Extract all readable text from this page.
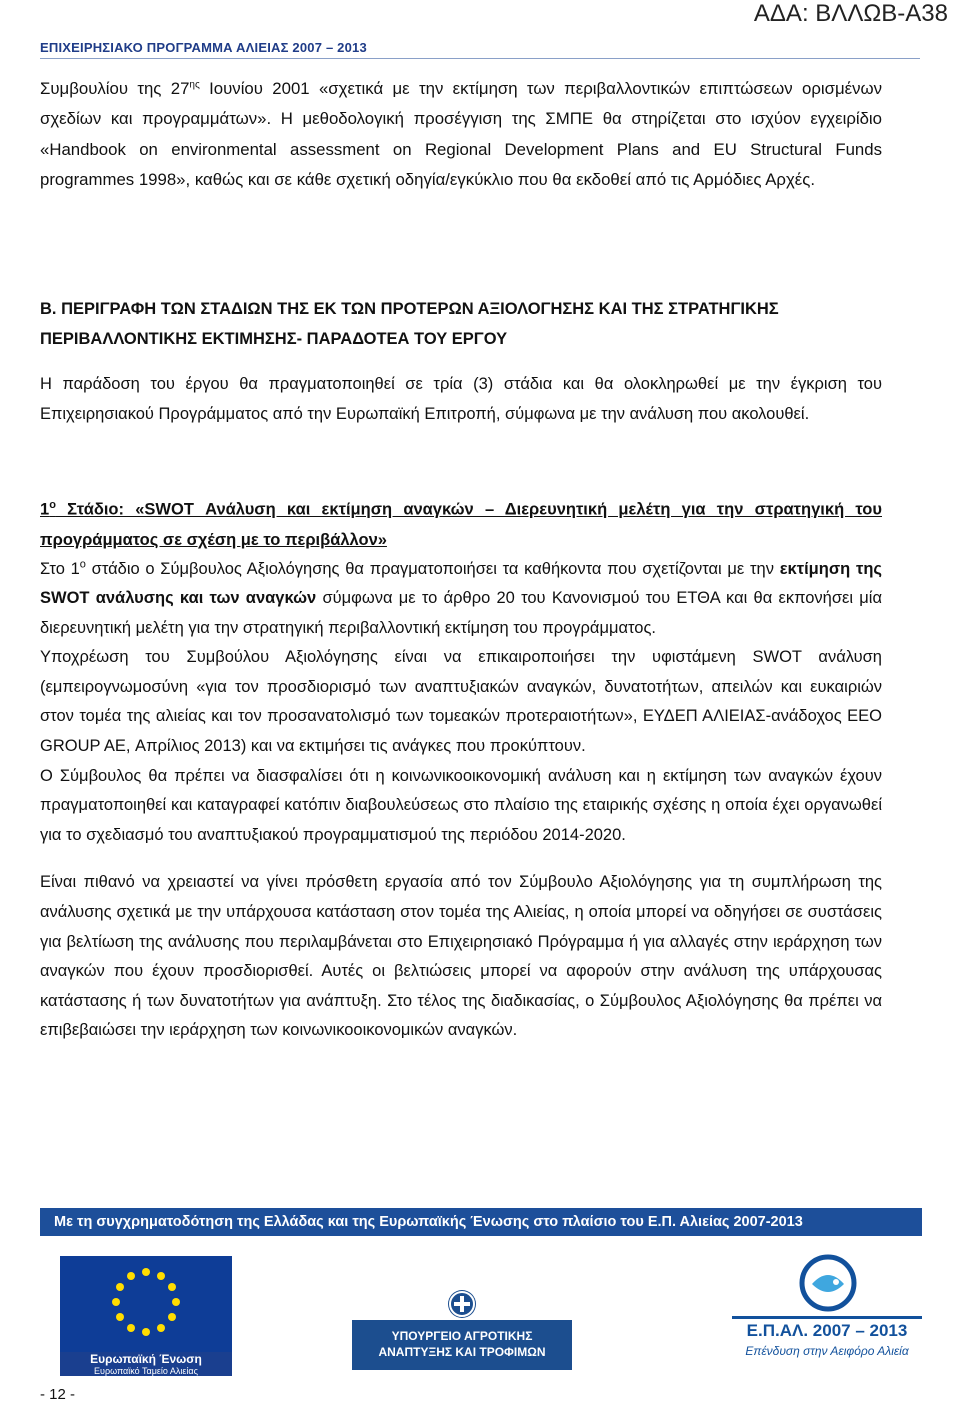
ΕΠΙΧΕΙΡΗΣΙΑΚΟ ΠΡΟΓΡΑΜΜΑ ΑΛΙΕΙΑΣ 2007 – 2013
ΑΔΑ: ΒΛΛΩΒ-Α38

Συμβουλίου της $27^{\eta\varsigma}$ Ιουνίου 2001 «σχετικά με την εκτίμηση των περιβαλλοντικών επιπτώσεων ορισμένων σχεδίων και προγραμμάτων». Η μεθοδολογική προσέγγιση της ΣΜΠΕ θα στηρίζεται στο ισχύον εγχειρίδιο «Handbook on environmental assessment on Regional Development Plans and EU Structural Funds programmes 1998», καθώς και σε κάθε σχετική οδηγία/εγκύκλιο που θα εκδοθεί από τις Αρμόδιες Αρχές.

Β. ΠΕΡΙΓΡΑΦΗ ΤΩΝ ΣΤΑΔΙΩΝ ΤΗΣ ΕΚ ΤΩΝ ΠΡΟΤΕΡΩΝ ΑΞΙΟΛΟΓΗΣΗΣ ΚΑΙ ΤΗΣ ΣΤΡΑΤΗΓΙΚΗΣ ΠΕΡΙΒΑΛΛΟΝΤΙΚΗΣ ΕΚΤΙΜΗΣΗΣ- ΠΑΡΑΔΟΤΕΑ ΤΟΥ ΕΡΓΟΥ

Η παράδοση του έργου θα πραγματοποιηθεί σε τρία (3) στάδια και θα ολοκληρωθεί με την έγκριση του Επιχειρησιακού Προγράμματος από την Ευρωπαϊκή Επιτροπή, σύμφωνα με την ανάλυση που ακολουθεί.

$1^o$ Στάδιο: «SWOT Ανάλυση και εκτίμηση αναγκών – Διερευνητική μελέτη για την στρατηγική του προγράμματος σε σχέση με το περιβάλλον»

Στο $1^o$ στάδιο ο Σύμβουλος Αξιολόγησης θα πραγματοποιήσει τα καθήκοντα που σχετίζονται με την εκτίμηση της SWOT ανάλυσης και των αναγκών σύμφωνα με το άρθρο 20 του Κανονισμού του ΕΤΘΑ και θα εκπονήσει μία διερευνητική μελέτη για την στρατηγική περιβαλλοντική εκτίμηση του προγράμματος.

Υποχρέωση του Συμβούλου Αξιολόγησης είναι να επικαιροποιήσει την υφιστάμενη SWOT ανάλυση (εμπειρογνωμοσύνη «για τον προσδιορισμό των αναπτυξιακών αναγκών, δυνατοτήτων, απειλών και ευκαιριών στον τομέα της αλιείας και τον προσανατολισμό των τομεακών προτεραιοτήτων», ΕΥΔΕΠ ΑΛΙΕΙΑΣ-ανάδοχος EEO GROUP AE, Απρίλιος 2013) και να εκτιμήσει τις ανάγκες που προκύπτουν.

Ο Σύμβουλος θα πρέπει να διασφαλίσει ότι η κοινωνικοοικονομική ανάλυση και η εκτίμηση των αναγκών έχουν πραγματοποιηθεί και καταγραφεί κατόπιν διαβουλεύσεως στο πλαίσιο της εταιρικής σχέσης η οποία έχει οργανωθεί για το σχεδιασμό του αναπτυξιακού προγραμματισμού της περιόδου 2014-2020.

Είναι πιθανό να χρειαστεί να γίνει πρόσθετη εργασία από τον Σύμβουλο Αξιολόγησης για τη συμπλήρωση της ανάλυσης σχετικά με την υπάρχουσα κατάσταση στον τομέα της Αλιείας, η οποία μπορεί να οδηγήσει σε συστάσεις για βελτίωση της ανάλυσης που περιλαμβάνεται στο Επιχειρησιακό Πρόγραμμα ή για αλλαγές στην ιεράρχηση των αναγκών που έχουν προσδιορισθεί. Αυτές οι βελτιώσεις μπορεί να αφορούν στην ανάλυση της υπάρχουσας κατάστασης ή των δυνατοτήτων για ανάπτυξη. Στο τέλος της διαδικασίας, ο Σύμβουλος Αξιολόγησης θα πρέπει να επιβεβαιώσει την ιεράρχηση των κοινωνικοοικονομικών αναγκών.

Με τη συγχρηματοδότηση της Ελλάδας και της Ευρωπαϊκής Ένωσης στο πλαίσιο του Ε.Π. Αλιείας 2007-2013
Ευρωπαϊκή Ένωση
Ευρωπαϊκό Ταμείο Αλιείας
ΥΠΟΥΡΓΕΙΟ ΑΓΡΟΤΙΚΗΣ
ΑΝΑΠΤΥΞΗΣ ΚΑΙ ΤΡΟΦΙΜΩΝ
Ε.Π.ΑΛ. 2007 – 2013
Επένδυση στην Αειφόρο Αλιεία
- 12 -
